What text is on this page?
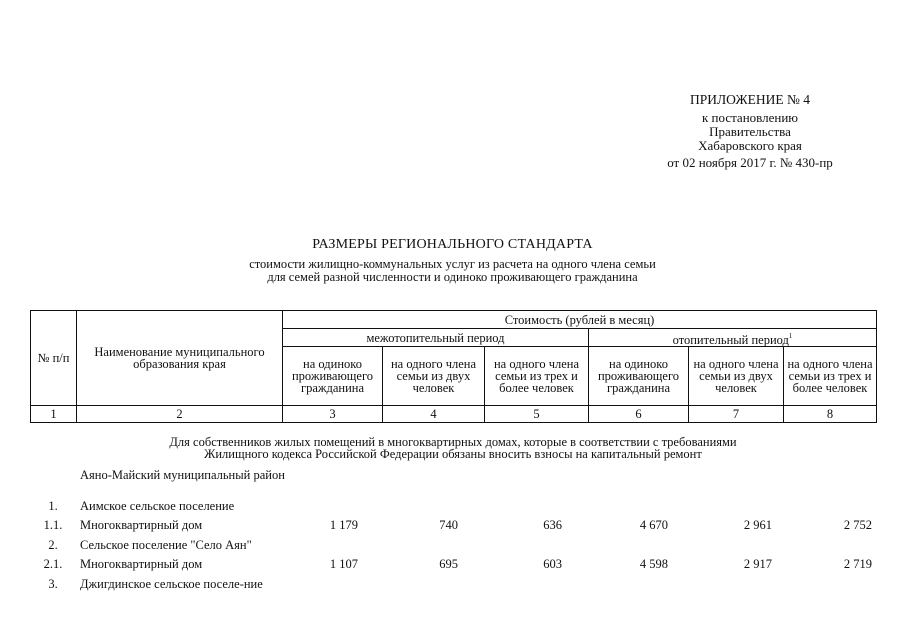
ПРИЛОЖЕНИЕ № 4
к постановлению
Правительства
Хабаровского края
от 02 ноября 2017 г. № 430-пр
РАЗМЕРЫ РЕГИОНАЛЬНОГО СТАНДАРТА
стоимости жилищно-коммунальных услуг из расчета на одного члена семьи
для семей разной численности и одиноко проживающего гражданина
№ п/п	Наименование муниципального образования края	Стоимость (рублей в месяц)					
		межотопительный период			отопительный период$^1$
		на одиноко проживающего гражданина	на одного члена семьи из двух человек	на одного члена семьи из трех и более человек	на одиноко проживающего гражданина	на одного члена семьи из двух человек	на одного члена семьи из трех и более человек
1	2	3	4	5	6	7	8
Для собственников жилых помещений в многоквартирных домах, которые в соответствии с требованиями
Жилищного кодекса Российской Федерации обязаны вносить взносы на капитальный ремонт
Аяно-Майский муниципальный район
1.	Аимское сельское поселение
1.1.	Многоквартирный дом	1 179	740	636	4 670	2 961	2 752
2.	Сельское поселение "Село Аян"
2.1.	Многоквартирный дом	1 107	695	603	4 598	2 917	2 719
3.	Джигдинское сельское поселе-ние
